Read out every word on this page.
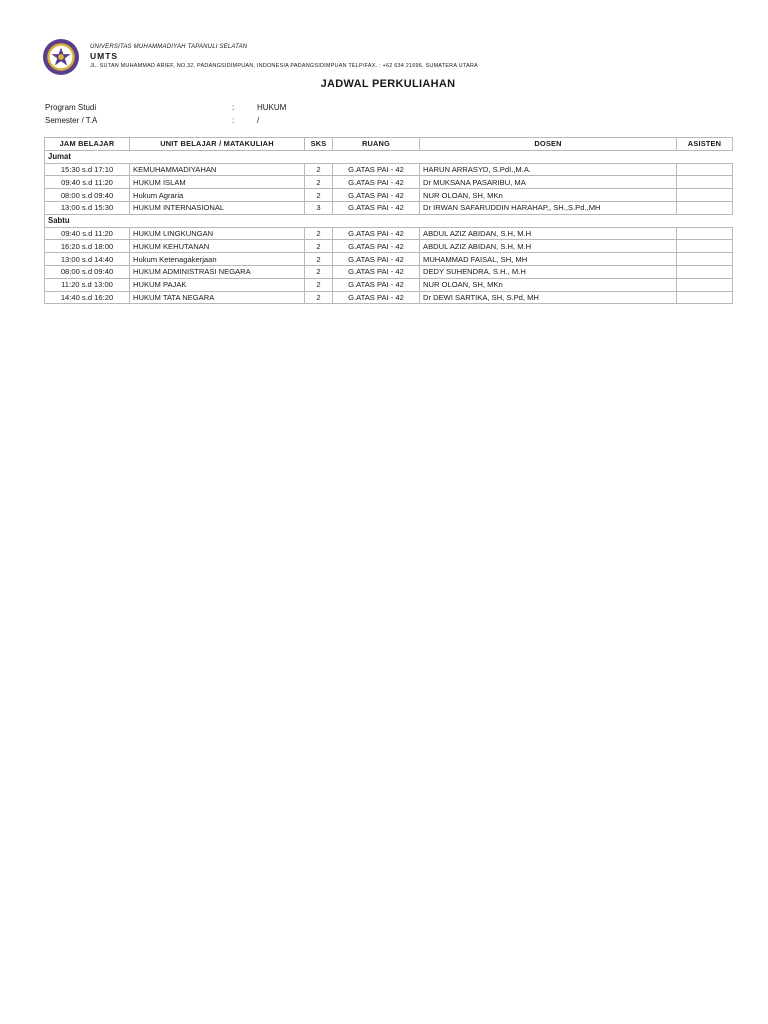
UNIVERSITAS MUHAMMADIYAH TAPANULI SELATAN
UMTS
JL. SUTAN MUHAMMAD ARIEF, NO.32, PADANGSIDIMPUAN, INDONESIA PADANGSIDIMPUAN TELP/FAX. : +62 634 21696, SUMATERA UTARA
JADWAL PERKULIAHAN
Program Studi	:	HUKUM
Semester / T.A	:	/
JAM BELAJAR	UNIT BELAJAR / MATAKULIAH	SKS	RUANG	DOSEN	ASISTEN
Jumat					
15:30 s.d 17:10	KEMUHAMMADIYAHAN	2	G.ATAS PAI - 42	HARUN ARRASYD, S.PdI.,M.A.	
09:40 s.d 11:20	HUKUM ISLAM	2	G.ATAS PAI - 42	Dr MUKSANA PASARIBU, MA	
08:00 s.d 09:40	Hukum Agraria	2	G.ATAS PAI - 42	NUR OLOAN, SH, MKn	
13:00 s.d 15:30	HUKUM INTERNASIONAL	3	G.ATAS PAI - 42	Dr IRWAN SAFARUDDIN HARAHAP,, SH.,S.Pd.,MH	
Sabtu					
09:40 s.d 11:20	HUKUM LINGKUNGAN	2	G.ATAS PAI - 42	ABDUL AZIZ ABIDAN, S.H, M.H	
16:20 s.d 18:00	HUKUM KEHUTANAN	2	G.ATAS PAI - 42	ABDUL AZIZ ABIDAN, S.H, M.H	
13:00 s.d 14:40	Hukum Ketenagakerjaan	2	G.ATAS PAI - 42	MUHAMMAD FAISAL, SH, MH	
08:00 s.d 09:40	HUKUM ADMINISTRASI NEGARA	2	G.ATAS PAI - 42	DEDY SUHENDRA, S.H., M.H	
11:20 s.d 13:00	HUKUM PAJAK	2	G.ATAS PAI - 42	NUR OLOAN, SH, MKn	
14:40 s.d 16:20	HUKUM TATA NEGARA	2	G.ATAS PAI - 42	Dr DEWI SARTIKA, SH, S.Pd, MH	
